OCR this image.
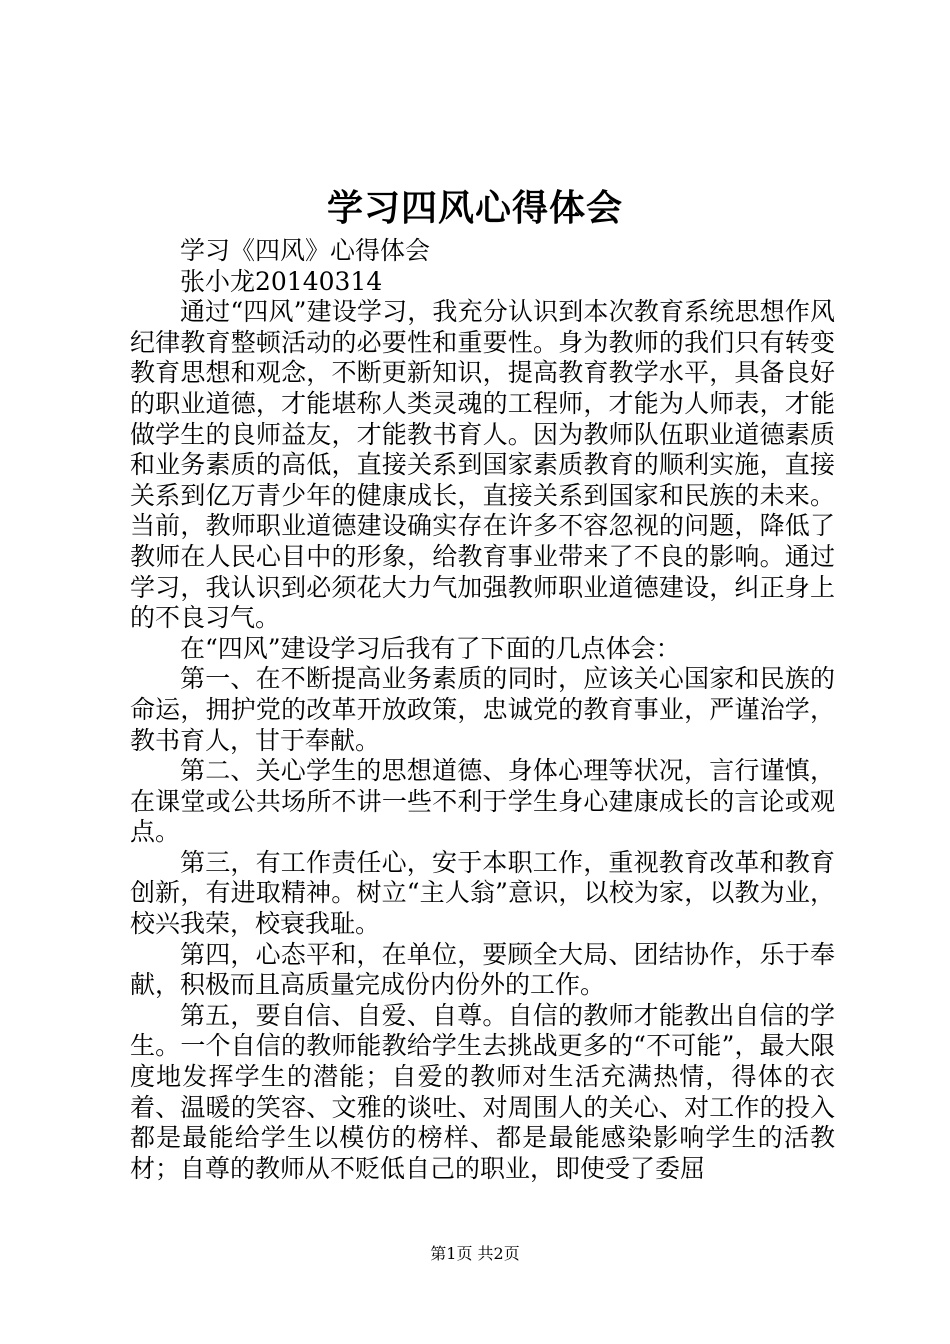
学习四风心得体会

学习《四风》心得体会

张小龙20140314

通过“四风”建设学习，我充分认识到本次教育系统思想作风纪律教育整顿活动的必要性和重要性。身为教师的我们只有转变教育思想和观念，不断更新知识，提高教育教学水平，具备良好的职业道德，才能堪称人类灵魂的工程师，才能为人师表，才能做学生的良师益友，才能教书育人。因为教师队伍职业道德素质和业务素质的高低，直接关系到国家素质教育的顺利实施，直接关系到亿万青少年的健康成长，直接关系到国家和民族的未来。当前，教师职业道德建设确实存在许多不容忽视的问题，降低了教师在人民心目中的形象，给教育事业带来了不良的影响。通过学习，我认识到必须花大力气加强教师职业道德建设，纠正身上的不良习气。

在“四风”建设学习后我有了下面的几点体会：

第一、在不断提高业务素质的同时，应该关心国家和民族的命运，拥护党的改革开放政策，忠诚党的教育事业，严谨治学，教书育人，甘于奉献。

第二、关心学生的思想道德、身体心理等状况，言行谨慎，在课堂或公共场所不讲一些不利于学生身心建康成长的言论或观点。

第三，有工作责任心，安于本职工作，重视教育改革和教育创新，有进取精神。树立“主人翁”意识，以校为家，以教为业，校兴我荣，校衰我耻。

第四，心态平和，在单位，要顾全大局、团结协作，乐于奉献，积极而且高质量完成份内份外的工作。

第五，要自信、自爱、自尊。自信的教师才能教出自信的学生。一个自信的教师能教给学生去挑战更多的“不可能”，最大限度地发挥学生的潜能；自爱的教师对生活充满热情，得体的衣着、温暖的笑容、文雅的谈吐、对周围人的关心、对工作的投入都是最能给学生以模仿的榜样、都是最能感染影响学生的活教材；自尊的教师从不贬低自己的职业，即使受了委屈

第1页 共2页
